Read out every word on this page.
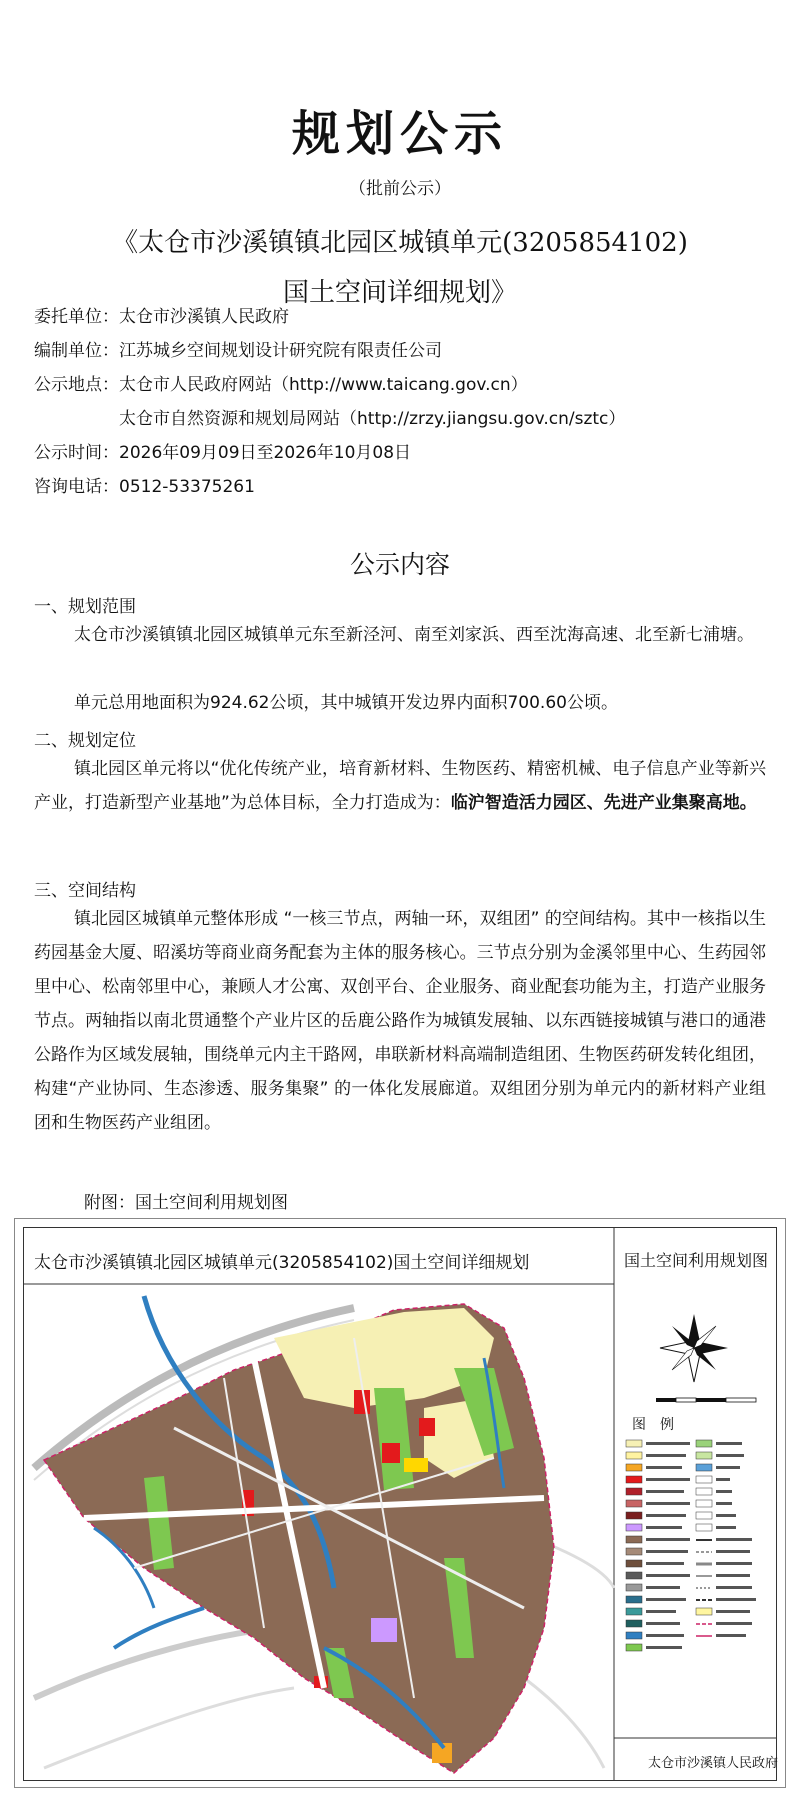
规划公示
（批前公示）
《太仓市沙溪镇镇北园区城镇单元(3205854102)
国土空间详细规划》
委托单位：太仓市沙溪镇人民政府
编制单位：江苏城乡空间规划设计研究院有限责任公司
公示地点：太仓市人民政府网站（http://www.taicang.gov.cn）
太仓市自然资源和规划局网站（http://zrzy.jiangsu.gov.cn/sztc）
公示时间：2026年09月09日至2026年10月08日
咨询电话：0512-53375261
公示内容
一、规划范围
太仓市沙溪镇镇北园区城镇单元东至新泾河、南至刘家浜、西至沈海高速、北至新七浦塘。
单元总用地面积为924.62公顷，其中城镇开发边界内面积700.60公顷。
二、规划定位
镇北园区单元将以“优化传统产业，培育新材料、生物医药、精密机械、电子信息产业等新兴产业，打造新型产业基地”为总体目标，全力打造成为：临沪智造活力园区、先进产业集聚高地。
三、空间结构
镇北园区城镇单元整体形成 “一核三节点，两轴一环，双组团” 的空间结构。其中一核指以生药园基金大厦、昭溪坊等商业商务配套为主体的服务核心。三节点分别为金溪邻里中心、生药园邻里中心、松南邻里中心，兼顾人才公寓、双创平台、企业服务、商业配套功能为主，打造产业服务节点。两轴指以南北贯通整个产业片区的岳鹿公路作为城镇发展轴、以东西链接城镇与港口的通港公路作为区域发展轴，围绕单元内主干路网，串联新材料高端制造组团、生物医药研发转化组团，构建“产业协同、生态渗透、服务集聚” 的一体化发展廊道。双组团分别为单元内的新材料产业组团和生物医药产业组团。
附图：国土空间利用规划图
太仓市沙溪镇镇北园区城镇单元(3205854102)国土空间详细规划	国土空间利用规划图
图例
太仓市沙溪镇人民政府
